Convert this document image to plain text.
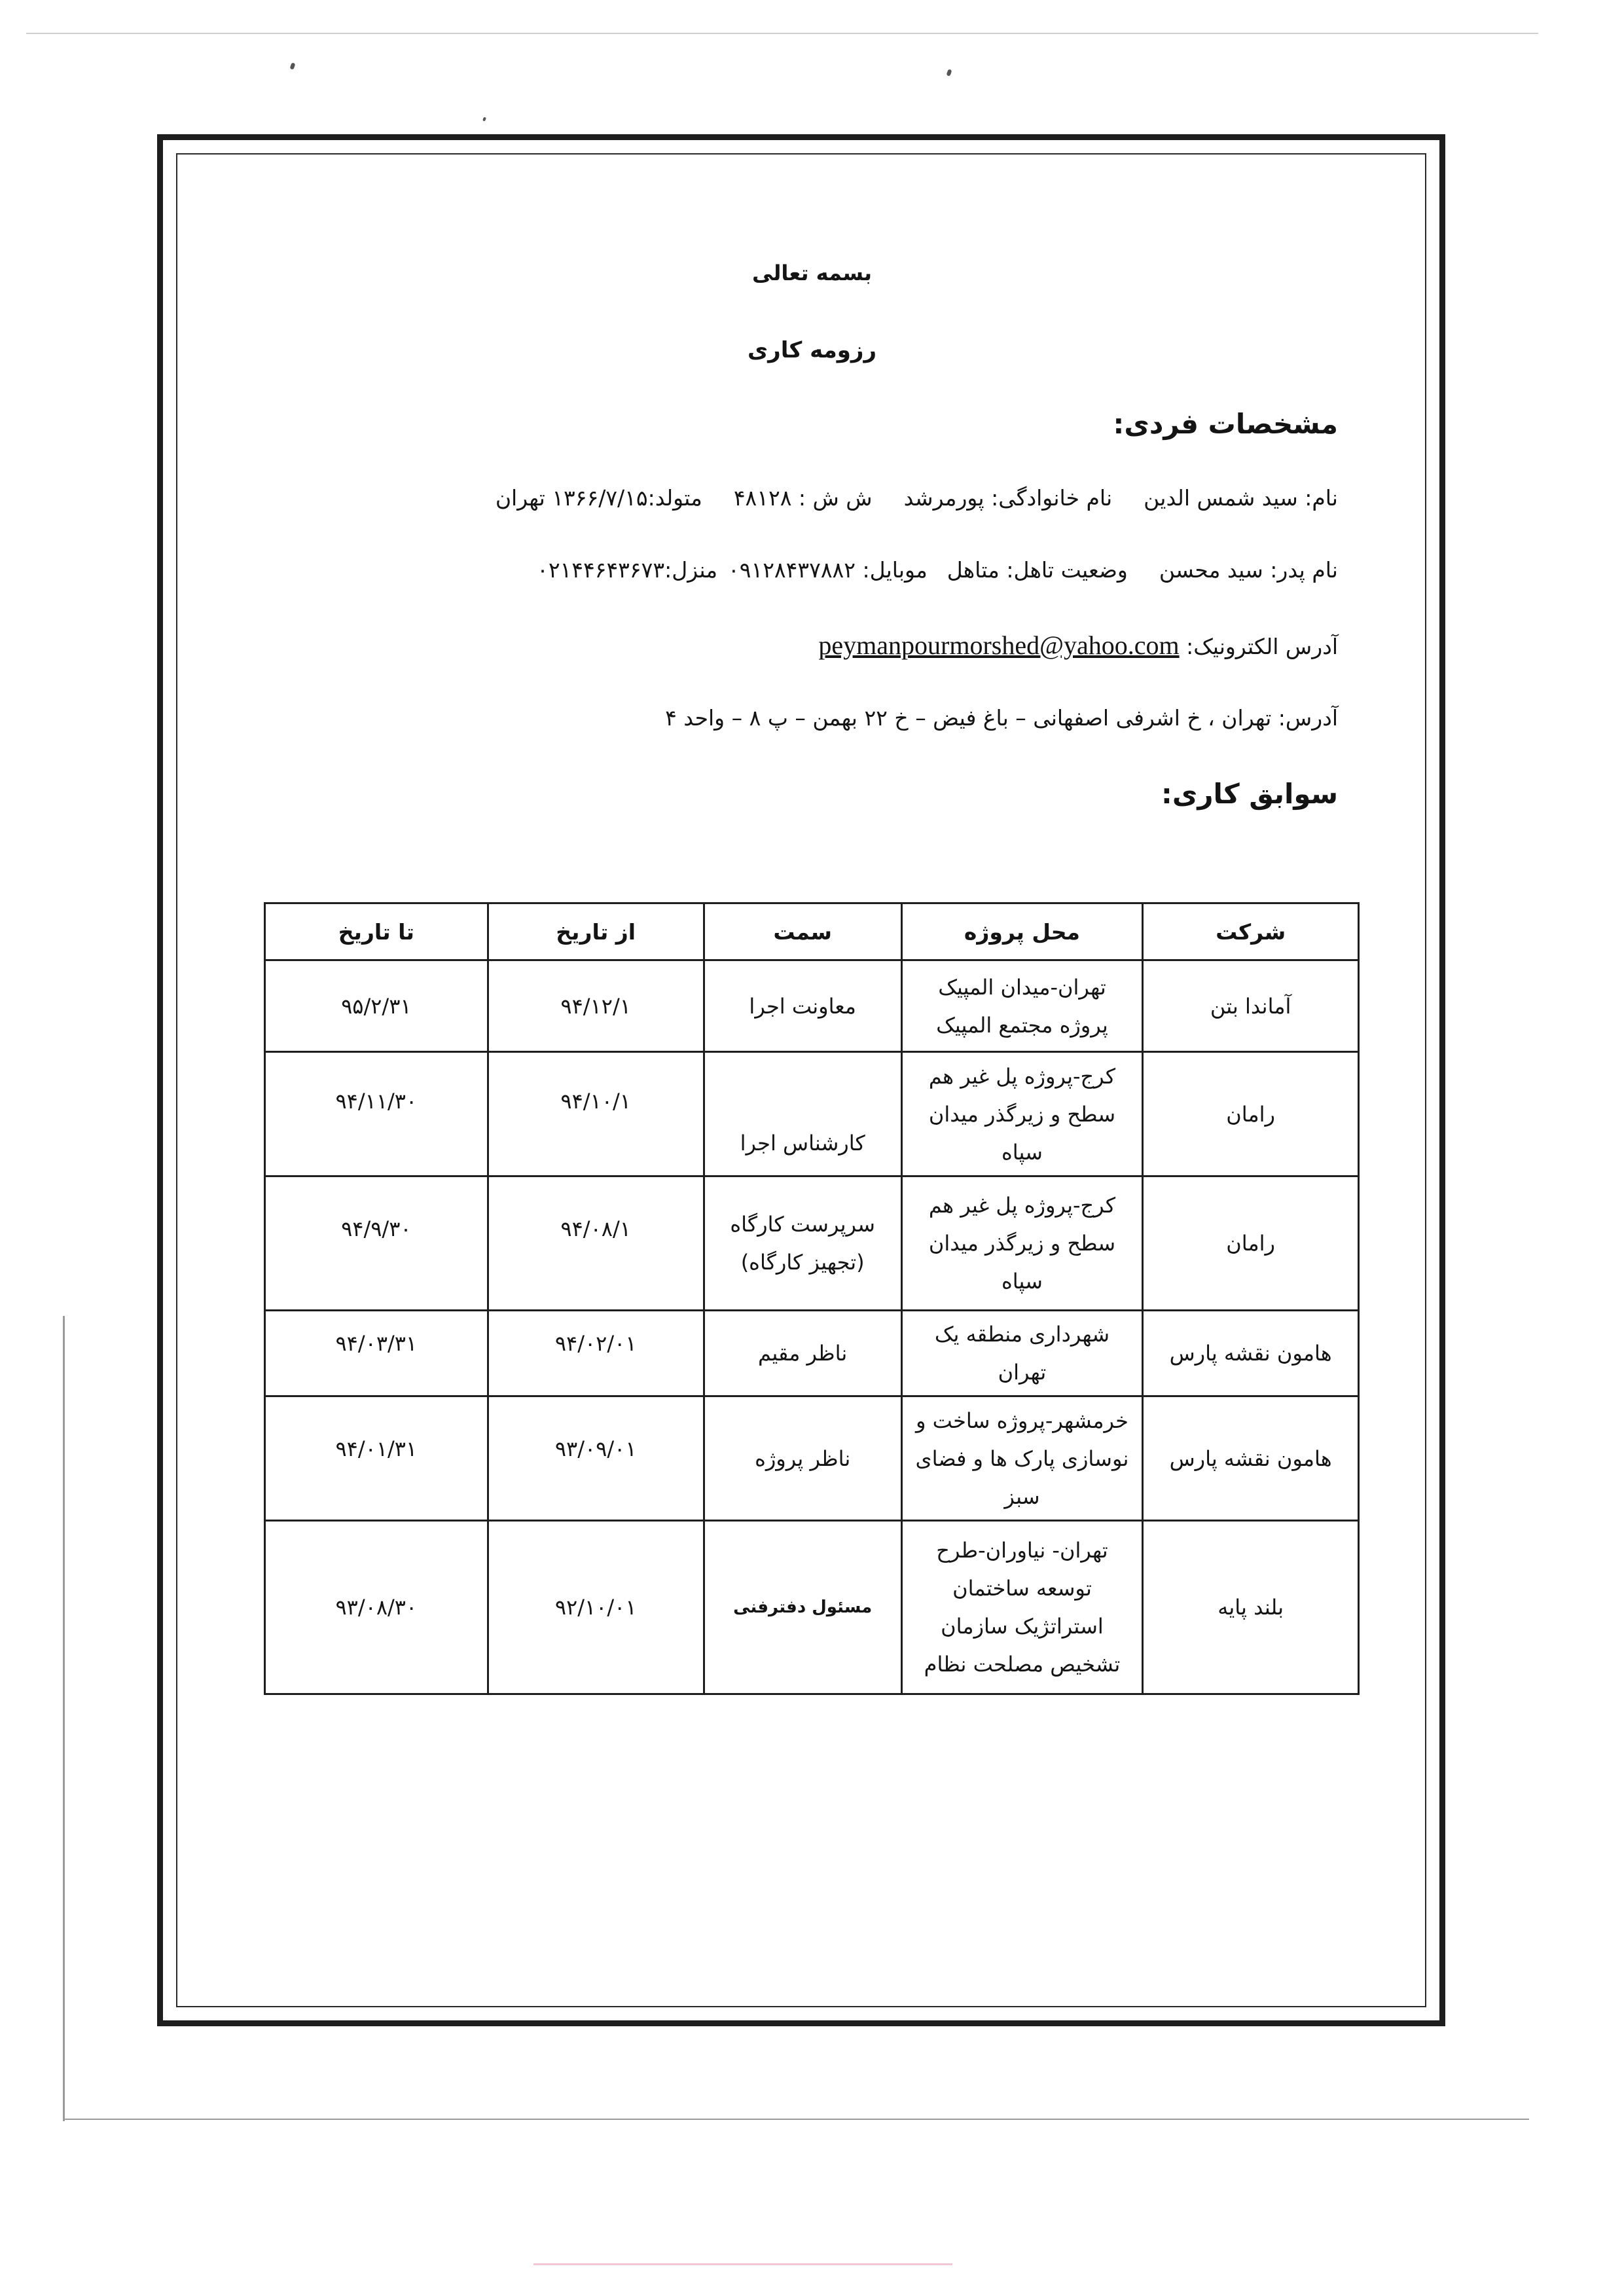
بسمه تعالی
رزومه کاری
مشخصات فردی:
نام: سید شمس الدیننام خانوادگی: پورمرشدش ش : ۴۸۱۲۸متولد:۱۳۶۶/۷/۱۵ تهران
نام پدر: سید محسنوضعیت تاهل: متاهلموبایل: ۰۹۱۲۸۴۳۷۸۸۲منزل:۰۲۱۴۴۶۴۳۶۷۳
آدرس الکترونیک: peymanpourmorshed@yahoo.com
آدرس: تهران ، خ اشرفی اصفهانی – باغ فیض – خ ۲۲ بهمن – پ ۸ – واحد ۴
سوابق کاری:
شرکت	محل پروژه	سمت	از تاریخ	تا تاریخ
آماندا بتن	تهران-میدان المپیک
پروژه مجتمع المپیک	معاونت اجرا	۹۴/۱۲/۱	۹۵/۲/۳۱
رامان	کرج-پروژه پل غیر هم
سطح و زیرگذر میدان
سپاه	کارشناس اجرا	۹۴/۱۰/۱	۹۴/۱۱/۳۰
رامان	کرج-پروژه پل غیر هم
سطح و زیرگذر میدان
سپاه	سرپرست کارگاه (تجهیز کارگاه)	۹۴/۰۸/۱	۹۴/۹/۳۰
هامون نقشه پارس	شهرداری منطقه یک
تهران	ناظر مقیم	۹۴/۰۲/۰۱	۹۴/۰۳/۳۱
هامون نقشه پارس	خرمشهر-پروژه ساخت و
نوسازی پارک ها و فضای
سبز	ناظر پروژه	۹۳/۰۹/۰۱	۹۴/۰۱/۳۱
بلند پایه	تهران- نیاوران-طرح
توسعه ساختمان
استراتژیک سازمان
تشخیص مصلحت نظام	مسئول دفترفنی	۹۲/۱۰/۰۱	۹۳/۰۸/۳۰
